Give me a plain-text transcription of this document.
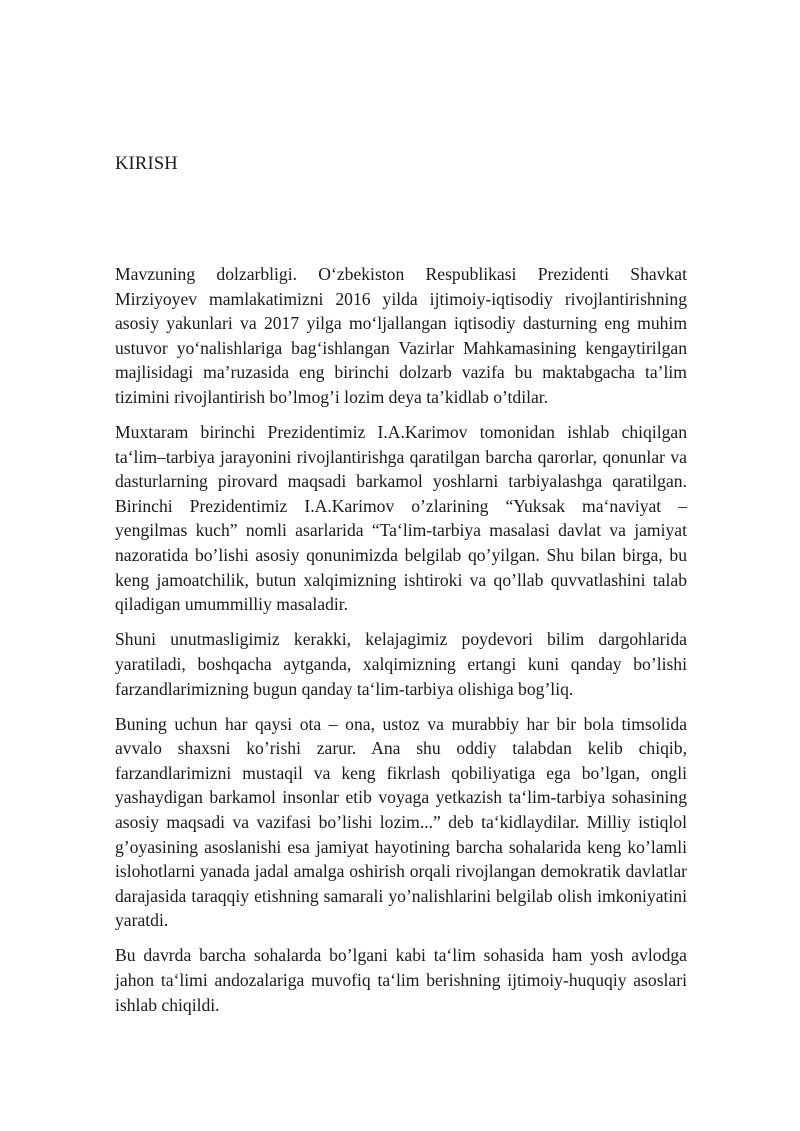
KIRISH

Mavzuning dolzarbligi. O‘zbekiston Respublikasi Prezidenti Shavkat Mirziyoyev mamlakatimizni 2016 yilda ijtimoiy-iqtisodiy rivojlantirishning asosiy yakunlari va 2017 yilga mo‘ljallangan iqtisodiy dasturning eng muhim ustuvor yo‘nalishlariga bag‘ishlangan Vazirlar Mahkamasining kengaytirilgan majlisidagi ma’ruzasida eng birinchi dolzarb vazifa bu maktabgacha ta’lim tizimini rivojlantirish bo’lmog’i lozim deya ta’kidlab o’tdilar.

Muxtaram birinchi Prezidentimiz I.A.Karimov tomonidan ishlab chiqilgan ta‘lim–tarbiya jarayonini rivojlantirishga qaratilgan barcha qarorlar, qonunlar va dasturlarning pirovard maqsadi barkamol yoshlarni tarbiyalashga qaratilgan. Birinchi Prezidentimiz I.A.Karimov o’zlarining “Yuksak ma‘naviyat – yengilmas kuch” nomli asarlarida “Ta‘lim-tarbiya masalasi davlat va jamiyat nazoratida bo’lishi asosiy qonunimizda belgilab qo’yilgan. Shu bilan birga, bu keng jamoatchilik, butun xalqimizning ishtiroki va qo’llab quvvatlashini talab qiladigan umummilliy masaladir.

Shuni unutmasligimiz kerakki, kelajagimiz poydevori bilim dargohlarida yaratiladi, boshqacha aytganda, xalqimizning ertangi kuni qanday bo’lishi farzandlarimizning bugun qanday ta‘lim-tarbiya olishiga bog’liq.

Buning uchun har qaysi ota – ona, ustoz va murabbiy har bir bola timsolida avvalo shaxsni ko’rishi zarur. Ana shu oddiy talabdan kelib chiqib, farzandlarimizni mustaqil va keng fikrlash qobiliyatiga ega bo’lgan, ongli yashaydigan barkamol insonlar etib voyaga yetkazish ta‘lim-tarbiya sohasining asosiy maqsadi va vazifasi bo’lishi lozim...” deb ta‘kidlaydilar. Milliy istiqlol g’oyasining asoslanishi esa jamiyat hayotining barcha sohalarida keng ko’lamli islohotlarni yanada jadal amalga oshirish orqali rivojlangan demokratik davlatlar darajasida taraqqiy etishning samarali yo’nalishlarini belgilab olish imkoniyatini yaratdi.

Bu davrda barcha sohalarda bo’lgani kabi ta‘lim sohasida ham yosh avlodga jahon ta‘limi andozalariga muvofiq ta‘lim berishning ijtimoiy-huquqiy asoslari ishlab chiqildi.
